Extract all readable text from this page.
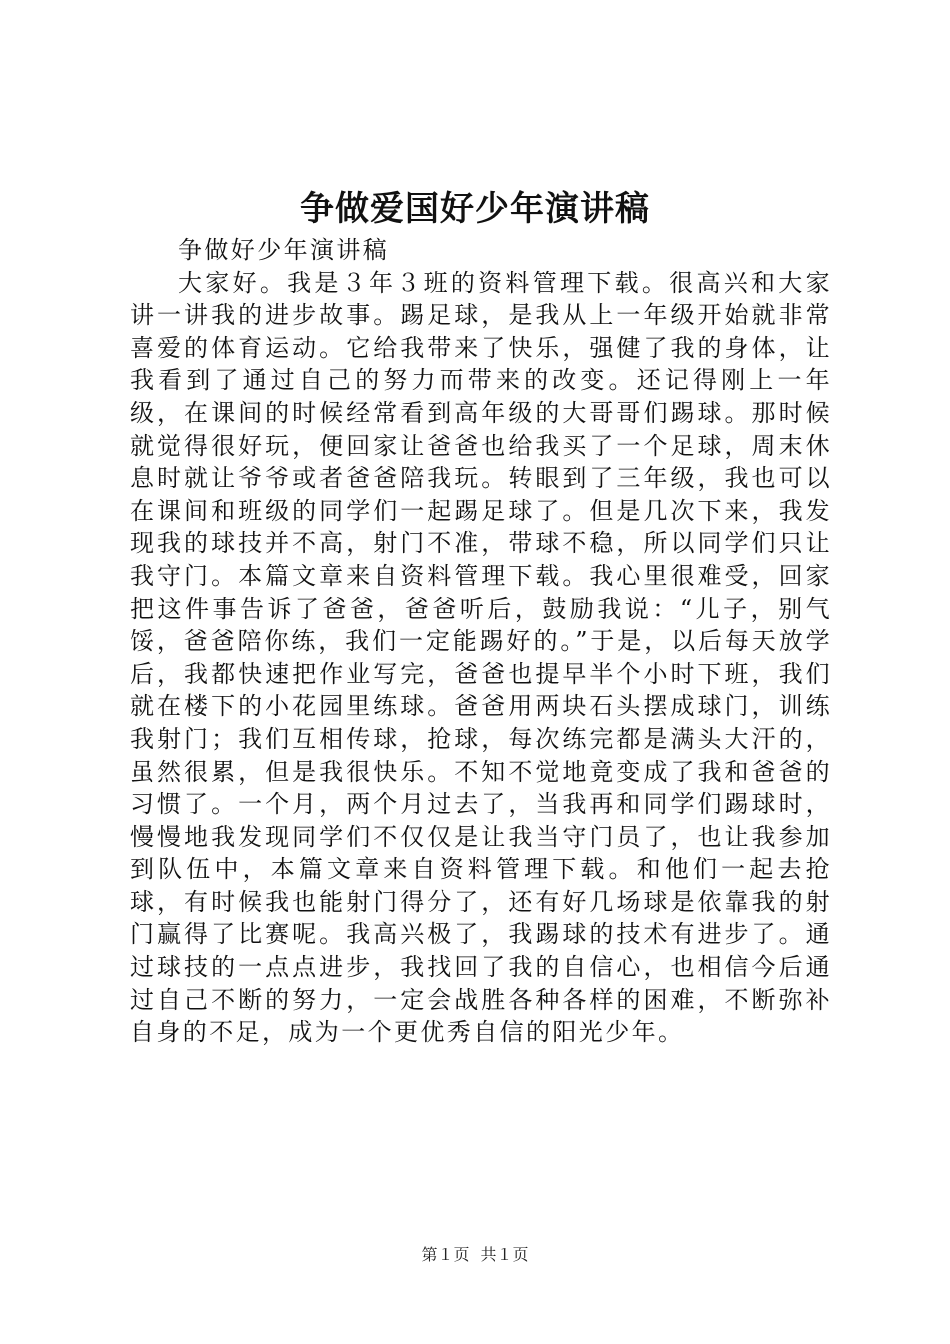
争做爱国好少年演讲稿

争做好少年演讲稿

大家好。我是３年３班的资料管理下载。很高兴和大家讲一讲我的进步故事。踢足球，是我从上一年级开始就非常喜爱的体育运动。它给我带来了快乐，强健了我的身体，让我看到了通过自己的努力而带来的改变。还记得刚上一年级，在课间的时候经常看到高年级的大哥哥们踢球。那时候就觉得很好玩，便回家让爸爸也给我买了一个足球，周末休息时就让爷爷或者爸爸陪我玩。转眼到了三年级，我也可以在课间和班级的同学们一起踢足球了。但是几次下来，我发现我的球技并不高，射门不准，带球不稳，所以同学们只让我守门。本篇文章来自资料管理下载。我心里很难受，回家把这件事告诉了爸爸，爸爸听后，鼓励我说：“儿子，别气馁，爸爸陪你练，我们一定能踢好的。”于是，以后每天放学后，我都快速把作业写完，爸爸也提早半个小时下班，我们就在楼下的小花园里练球。爸爸用两块石头摆成球门，训练我射门；我们互相传球，抢球，每次练完都是满头大汗的，虽然很累，但是我很快乐。不知不觉地竟变成了我和爸爸的习惯了。一个月，两个月过去了，当我再和同学们踢球时，慢慢地我发现同学们不仅仅是让我当守门员了，也让我参加到队伍中，本篇文章来自资料管理下载。和他们一起去抢球，有时候我也能射门得分了，还有好几场球是依靠我的射门赢得了比赛呢。我高兴极了，我踢球的技术有进步了。通过球技的一点点进步，我找回了我的自信心，也相信今后通过自己不断的努力，一定会战胜各种各样的困难，不断弥补自身的不足，成为一个更优秀自信的阳光少年。

第１页 共１页
